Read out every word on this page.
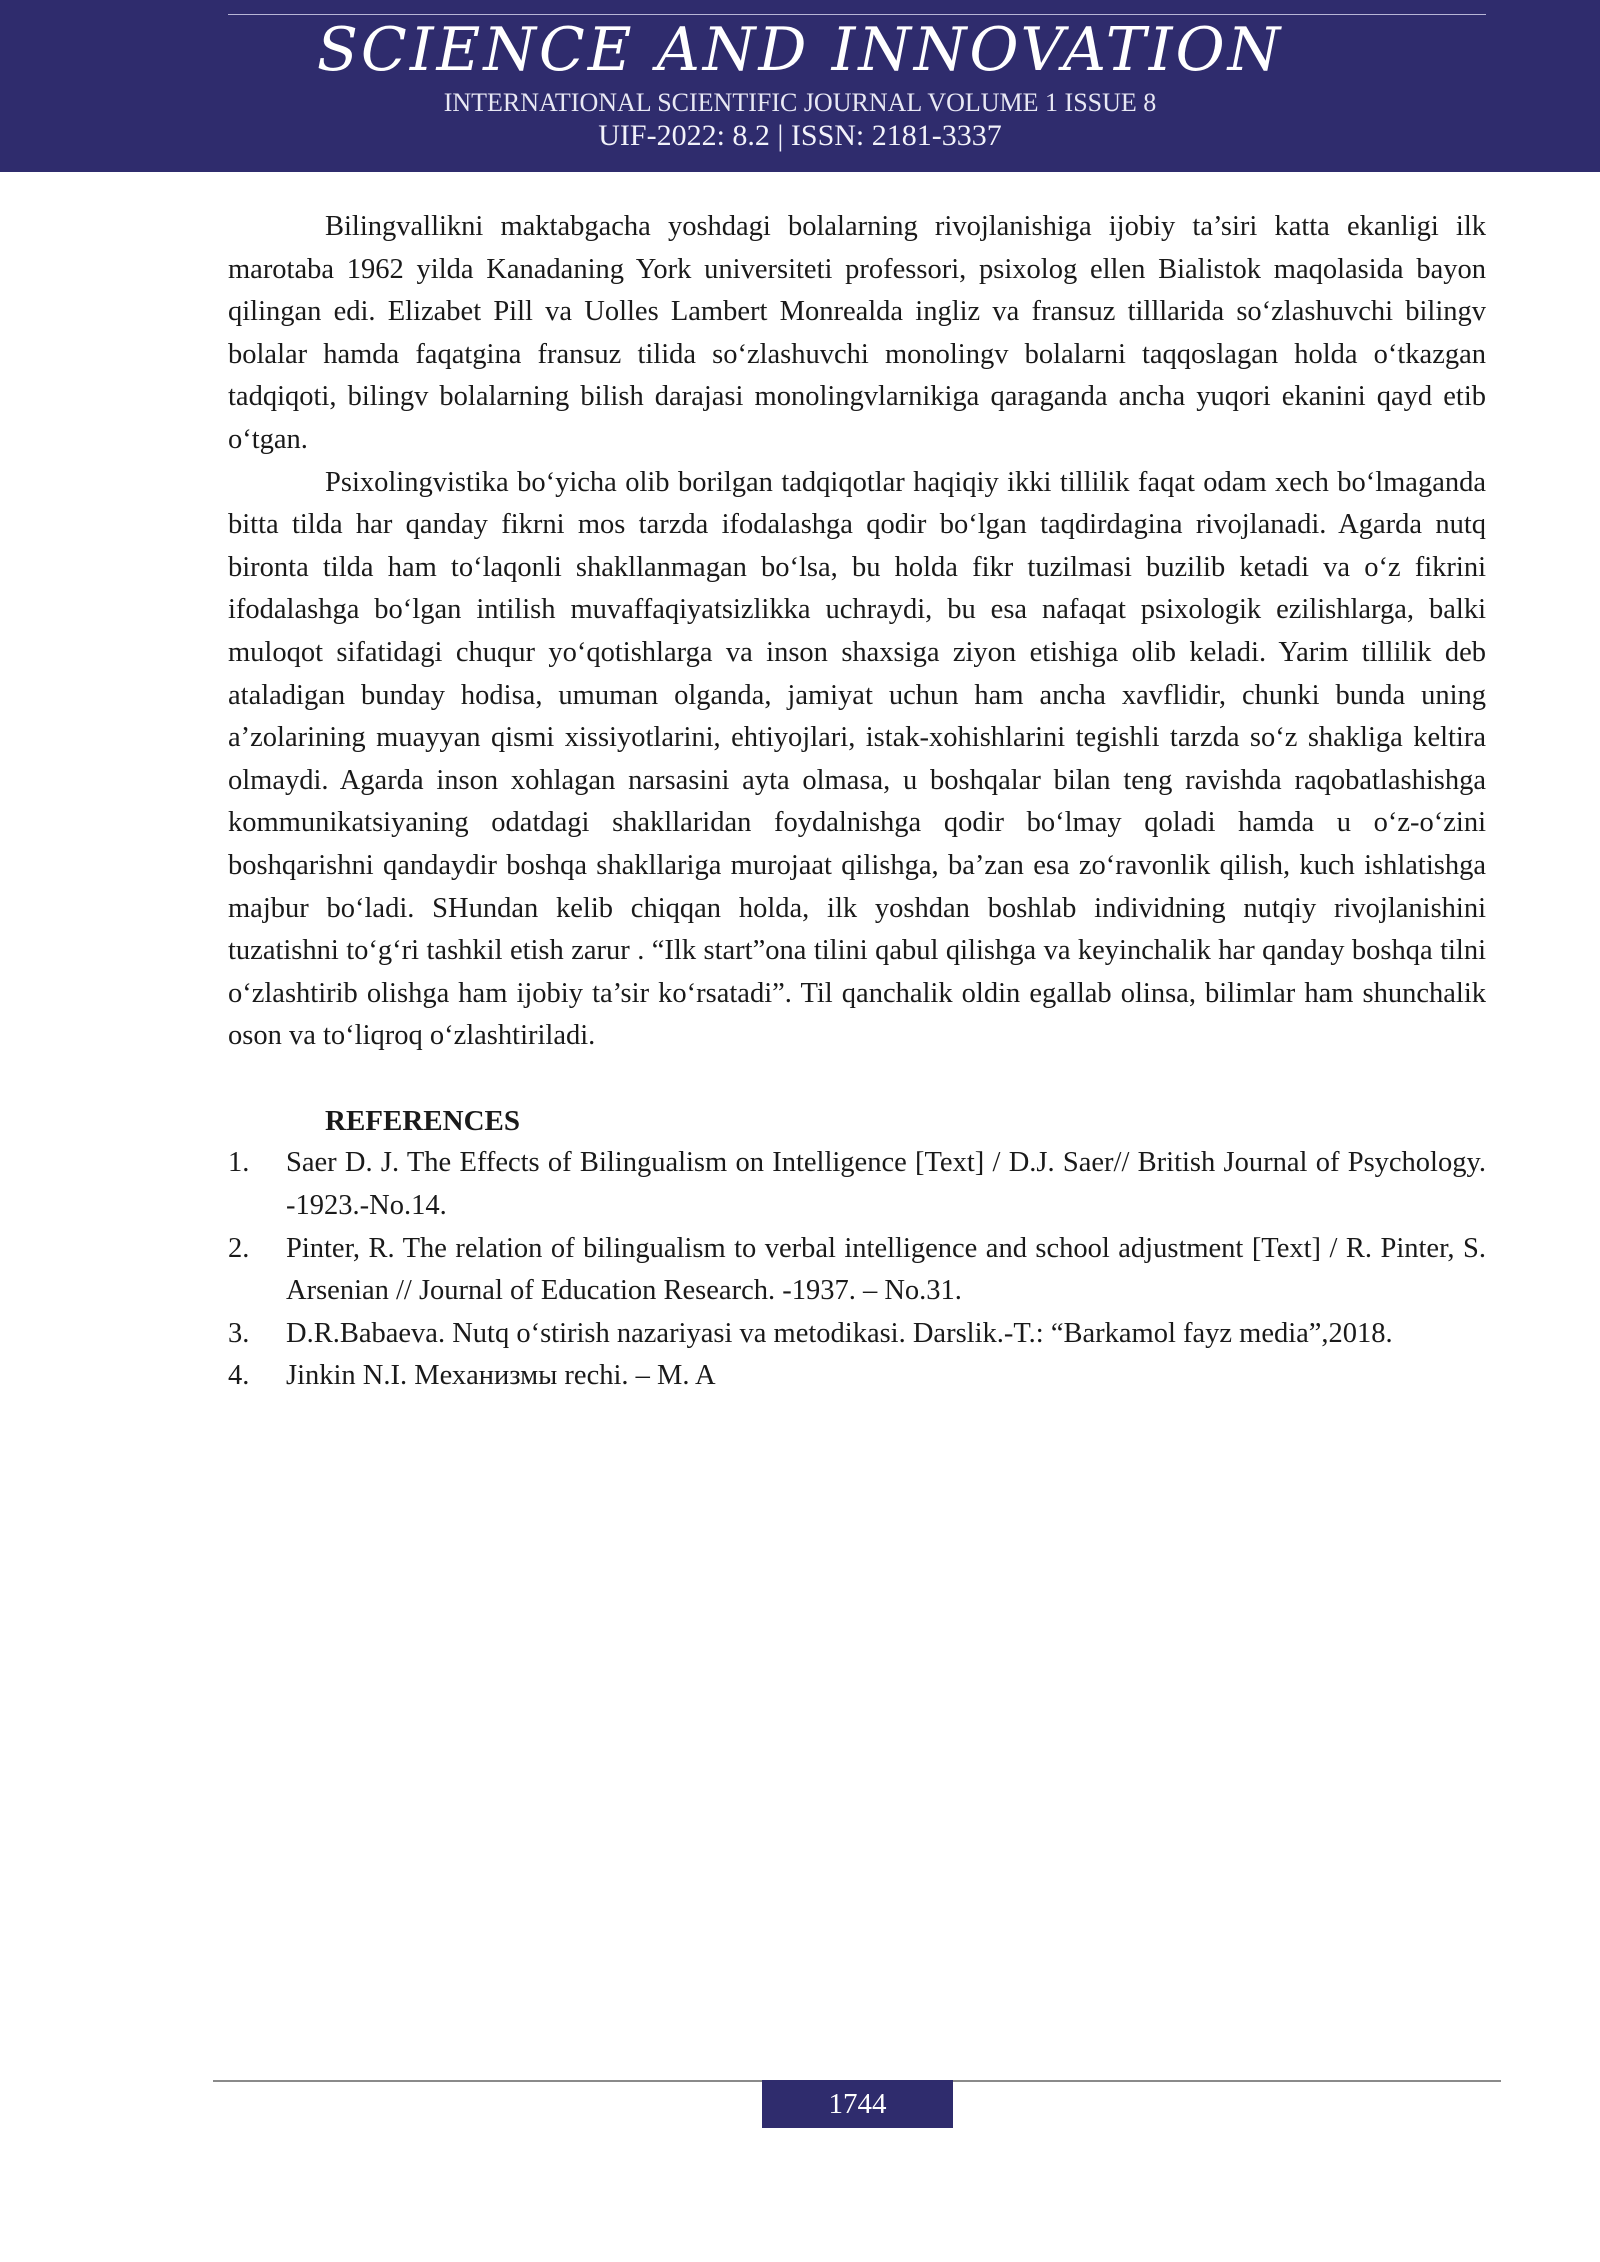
SCIENCE AND INNOVATION
INTERNATIONAL SCIENTIFIC JOURNAL VOLUME 1 ISSUE 8
UIF-2022: 8.2 | ISSN: 2181-3337

Bilingvallikni maktabgacha yoshdagi bolalarning rivojlanishiga ijobiy ta’siri katta ekanligi ilk marotaba 1962 yilda Kanadaning York universiteti professori, psixolog ellen Bialistok maqolasida bayon qilingan edi. Elizabet Pill va Uolles Lambert Monrealda ingliz va fransuz tilllarida so‘zlashuvchi bilingv bolalar hamda faqatgina fransuz tilida so‘zlashuvchi monolingv bolalarni taqqoslagan holda o‘tkazgan tadqiqoti, bilingv bolalarning bilish darajasi monolingvlarnikiga qaraganda ancha yuqori ekanini qayd etib o‘tgan.

Psixolingvistika bo‘yicha olib borilgan tadqiqotlar haqiqiy ikki tillilik faqat odam xech bo‘lmaganda bitta tilda har qanday fikrni mos tarzda ifodalashga qodir bo‘lgan taqdirdagina rivojlanadi. Agarda nutq bironta tilda ham to‘laqonli shakllanmagan bo‘lsa, bu holda fikr tuzilmasi buzilib ketadi va o‘z fikrini ifodalashga bo‘lgan intilish muvaffaqiyatsizlikka uchraydi, bu esa nafaqat psixologik ezilishlarga, balki muloqot sifatidagi chuqur yo‘qotishlarga va inson shaxsiga ziyon etishiga olib keladi. Yarim tillilik deb ataladigan bunday hodisa, umuman olganda, jamiyat uchun ham ancha xavflidir, chunki bunda uning a’zolarining muayyan qismi xissiyotlarini, ehtiyojlari, istak-xohishlarini tegishli tarzda so‘z shakliga keltira olmaydi. Agarda inson xohlagan narsasini ayta olmasa, u boshqalar bilan teng ravishda raqobatlashishga kommunikatsiyaning odatdagi shakllaridan foydalnishga qodir bo‘lmay qoladi hamda u o‘z-o‘zini boshqarishni qandaydir boshqa shakllariga murojaat qilishga, ba’zan esa zo‘ravonlik qilish, kuch ishlatishga majbur bo‘ladi. SHundan kelib chiqqan holda, ilk yoshdan boshlab individning nutqiy rivojlanishini tuzatishni to‘g‘ri tashkil etish zarur . “Ilk start”ona tilini qabul qilishga va keyinchalik har qanday boshqa tilni o‘zlashtirib olishga ham ijobiy ta’sir ko‘rsatadi”. Til qanchalik oldin egallab olinsa, bilimlar ham shunchalik oson va to‘liqroq o‘zlashtiriladi.

REFERENCES
1. Saer D. J. The Effects of Bilingualism on Intelligence [Text] / D.J. Saer// British Journal of Psychology. -1923.-No.14.
2. Pinter, R. The relation of bilingualism to verbal intelligence and school adjustment [Text] / R. Pinter, S. Arsenian // Journal of Education Research. -1937. – No.31.
3. D.R.Babaeva. Nutq o‘stirish nazariyasi va metodikasi. Darslik.-T.: “Barkamol fayz media”,2018.
4. Jinkin N.I. Mехaнизмы rechi. – M. A
1744
